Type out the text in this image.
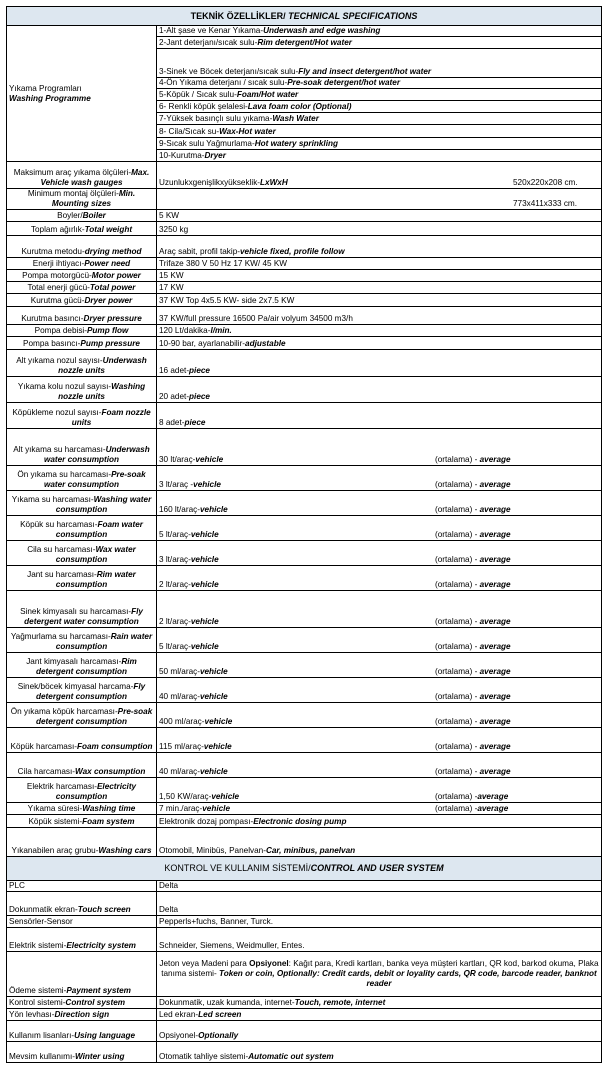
TEKNİK ÖZELLİKLER/ TECHNICAL SPECIFICATIONS	
Yıkama Programları
Washing Programme	1-Alt şase ve Kenar Yıkama-Underwash and edge washing
	2-Jant deterjanı/sıcak sulu-Rim detergent/Hot water
	3-Sinek ve Böcek deterjanı/sıcak sulu-Fly and insect detergent/hot water
	4-Ön Yıkama deterjanı / sıcak sulu-Pre-soak detergent/hot water
	5-Köpük / Sıcak sulu-Foam/Hot water
	6- Renkli köpük şelalesi-Lava foam color (Optional)
	7-Yüksek basınçlı sulu yıkama-Wash Water
	8- Cila/Sıcak su-Wax-Hot water
	9-Sıcak sulu Yağmurlama-Hot watery sprinkling
	10-Kurutma-Dryer
Maksimum araç yıkama ölçüleri-Max. Vehicle wash gauges	Uzunlukxgenişlikxyükseklik-LxWxH 520x220x208 cm.

Minimum montaj ölçüleri-Min. Mounting sizes	773x411x333 cm.

Boyler/Boiler	5 KW
Toplam ağırlık-Total weight	3250 kg
Kurutma metodu-drying method	Araç sabit, profil takip-vehicle fixed, profile follow
Enerji ihtiyacı-Power need	Trifaze 380 V 50 Hz 17 KW/ 45 KW
Pompa motorgücü-Motor power	15 KW
Total enerji gücü-Total power	17 KW
Kurutma gücü-Dryer power	37 KW Top 4x5.5 KW- side 2x7.5 KW
Kurutma basıncı-Dryer pressure	37 KW/full pressure 16500 Pa/air volyum 34500 m3/h
Pompa debisi-Pump flow	120 Lt/dakika-l/min.
Pompa basıncı-Pump pressure	10-90 bar, ayarlanabilir-adjustable
Alt yıkama nozul sayısı-Underwash nozzle units	16 adet-piece
Yıkama kolu nozul sayısı-Washing nozzle units	20 adet-piece
Köpükleme nozul sayısı-Foam nozzle units	8 adet-piece
Alt yıkama su harcaması-Underwash water consumption	30 lt/araç-vehicle (ortalama) - average

Ön yıkama su harcaması-Pre-soak water consumption	3 lt/araç -vehicle (ortalama) - average

Yıkama su harcaması-Washing water consumption	160 lt/araç-vehicle (ortalama) - average

Köpük su harcaması-Foam water consumption	5 lt/araç-vehicle (ortalama) - average

Cila su harcaması-Wax water consumption	3 lt/araç-vehicle (ortalama) - average

Jant su harcaması-Rim water consumption	2 lt/araç-vehicle (ortalama) - average

Sinek kimyasalı su harcaması-Fly detergent water consumption	2 lt/araç-vehicle (ortalama) - average

Yağmurlama su harcaması-Rain water consumption	5 lt/araç-vehicle (ortalama) - average

Jant kimyasalı harcaması-Rim detergent consumption	50 ml/araç-vehicle (ortalama) - average

Sinek/böcek kimyasal harcama-Fly detergent consumption	40 ml/araç-vehicle (ortalama) - average

Ön yıkama köpük harcaması-Pre-soak detergent consumption	400 ml/araç-vehicle (ortalama) - average

Köpük harcaması-Foam consumption	115 ml/araç-vehicle (ortalama) - average

Cila harcaması-Wax consumption	40 ml/araç-vehicle (ortalama) - average

Elektrik harcaması-Electricity consumption	1,50 KW/araç-vehicle (ortalama) -average

Yıkama süresi-Washing time	7 min./araç-vehicle (ortalama) -average

Köpük sistemi-Foam system	Elektronik dozaj pompası-Electronic dosing pump
Yıkanabilen araç grubu-Washing cars	Otomobil, Minibüs, Panelvan-Car, minibus, panelvan
KONTROL VE KULLANIM SİSTEMİ/CONTROL AND USER SYSTEM	
PLC	Delta
Dokunmatik ekran-Touch screen	Delta
Sensörler-Sensor	Pepperls+fuchs, Banner, Turck.
Elektrik sistemi-Electricity system	Schneider, Siemens, Weidmuller, Entes.
Ödeme sistemi-Payment system	Jeton veya Madeni para Opsiyonel: Kağıt para, Kredi kartları, banka veya müşteri kartları, QR kod, barkod okuma, Plaka tanıma sistemi- Token or coin, Optionally: Credit cards, debit or loyality cards, QR code, barcode reader, banknot reader
Kontrol sistemi-Control system	Dokunmatik, uzak kumanda, internet-Touch, remote, internet
Yön levhası-Direction sign	Led ekran-Led screen
Kullanım lisanları-Using language	Opsiyonel-Optionally
Mevsim kullanımı-Winter using	Otomatik tahliye sistemi-Automatic out system
